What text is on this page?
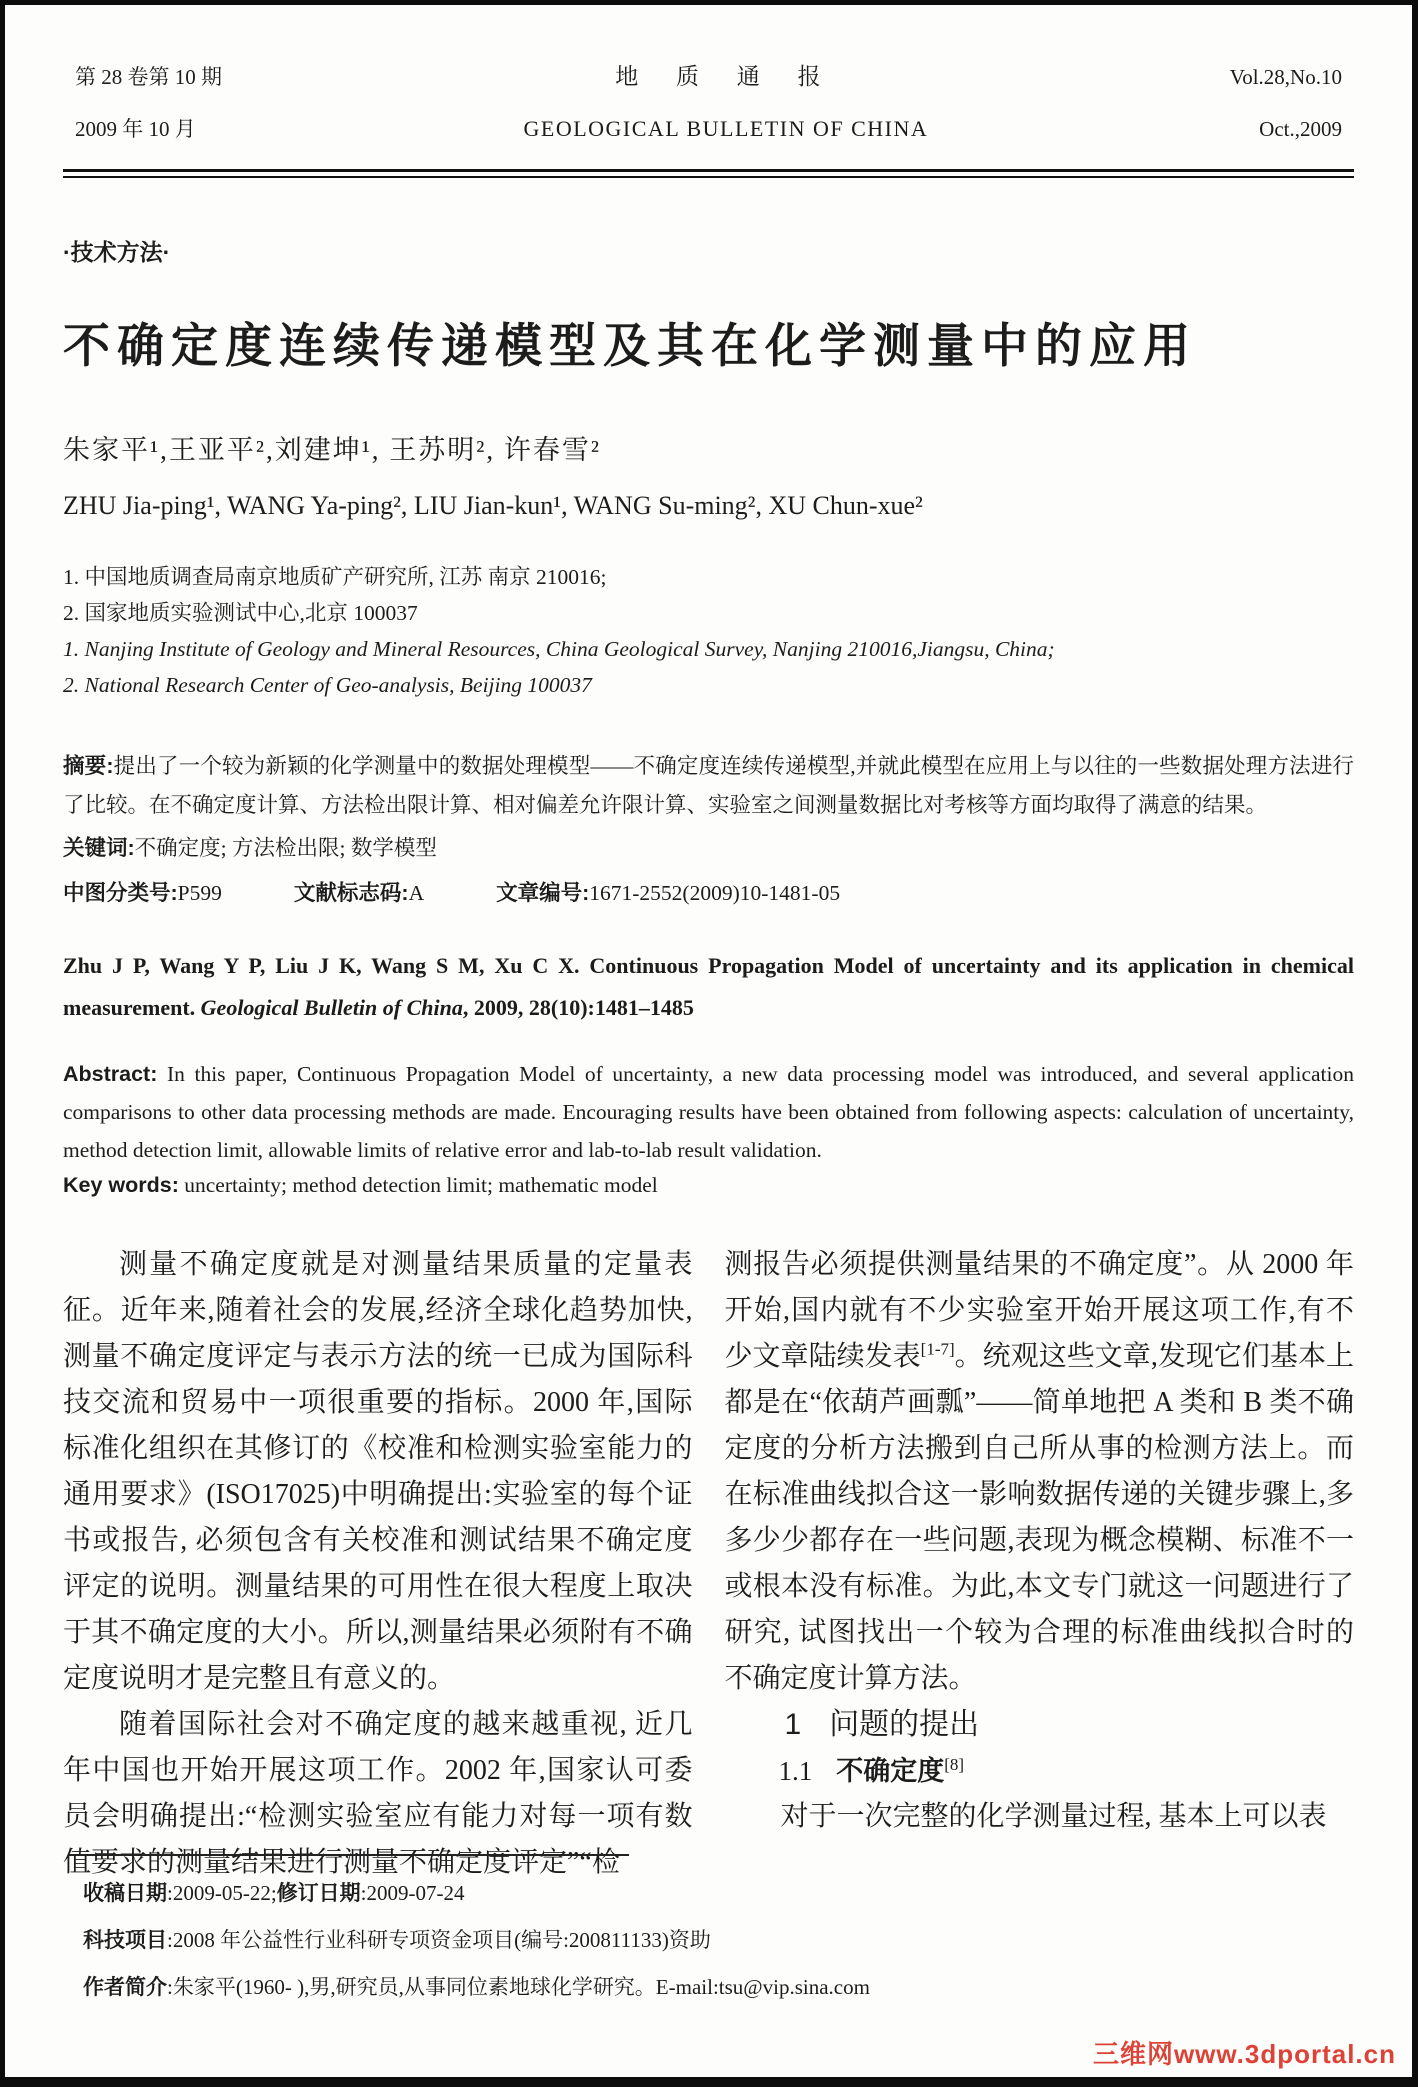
第 28 卷第 10 期
2009 年 10 月
地 质 通 报
GEOLOGICAL BULLETIN OF CHINA
Vol.28,No.10
Oct.,2009
·技术方法·
不确定度连续传递模型及其在化学测量中的应用
朱家平¹,王亚平²,刘建坤¹, 王苏明², 许春雪²
ZHU Jia-ping¹, WANG Ya-ping², LIU Jian-kun¹, WANG Su-ming², XU Chun-xue²
1. 中国地质调查局南京地质矿产研究所, 江苏 南京 210016;
2. 国家地质实验测试中心,北京 100037
1. Nanjing Institute of Geology and Mineral Resources, China Geological Survey, Nanjing 210016,Jiangsu, China;
2. National Research Center of Geo-analysis, Beijing 100037
摘要:提出了一个较为新颖的化学测量中的数据处理模型——不确定度连续传递模型,并就此模型在应用上与以往的一些数据处理方法进行了比较。在不确定度计算、方法检出限计算、相对偏差允许限计算、实验室之间测量数据比对考核等方面均取得了满意的结果。
关键词:不确定度; 方法检出限; 数学模型
中图分类号:P599	文献标志码:A	文章编号:1671-2552(2009)10-1481-05
Zhu J P, Wang Y P, Liu J K, Wang S M, Xu C X. Continuous Propagation Model of uncertainty and its application in chemical measurement. Geological Bulletin of China, 2009, 28(10):1481–1485
Abstract: In this paper, Continuous Propagation Model of uncertainty, a new data processing model was introduced, and several application comparisons to other data processing methods are made. Encouraging results have been obtained from following aspects: calculation of uncertainty, method detection limit, allowable limits of relative error and lab-to-lab result validation.
Key words: uncertainty; method detection limit; mathematic model

测量不确定度就是对测量结果质量的定量表征。近年来,随着社会的发展,经济全球化趋势加快,测量不确定度评定与表示方法的统一已成为国际科技交流和贸易中一项很重要的指标。2000 年,国际标准化组织在其修订的《校准和检测实验室能力的通用要求》(ISO17025)中明确提出:实验室的每个证书或报告, 必须包含有关校准和测试结果不确定度评定的说明。测量结果的可用性在很大程度上取决于其不确定度的大小。所以,测量结果必须附有不确定度说明才是完整且有意义的。

随着国际社会对不确定度的越来越重视, 近几年中国也开始开展这项工作。2002 年,国家认可委员会明确提出:“检测实验室应有能力对每一项有数值要求的测量结果进行测量不确定度评定”“检

测报告必须提供测量结果的不确定度”。从 2000 年开始,国内就有不少实验室开始开展这项工作,有不少文章陆续发表[1-7]。统观这些文章,发现它们基本上都是在“依葫芦画瓢”——简单地把 A 类和 B 类不确定度的分析方法搬到自己所从事的检测方法上。而在标准曲线拟合这一影响数据传递的关键步骤上,多多少少都存在一些问题,表现为概念模糊、标准不一或根本没有标准。为此,本文专门就这一问题进行了研究, 试图找出一个较为合理的标准曲线拟合时的不确定度计算方法。

1 问题的提出

1.1 不确定度[8]

对于一次完整的化学测量过程, 基本上可以表

收稿日期:2009-05-22;修订日期:2009-07-24
科技项目:2008 年公益性行业科研专项资金项目(编号:200811133)资助
作者简介:朱家平(1960- ),男,研究员,从事同位素地球化学研究。E-mail:tsu@vip.sina.com
三维网www.3dportal.cn
